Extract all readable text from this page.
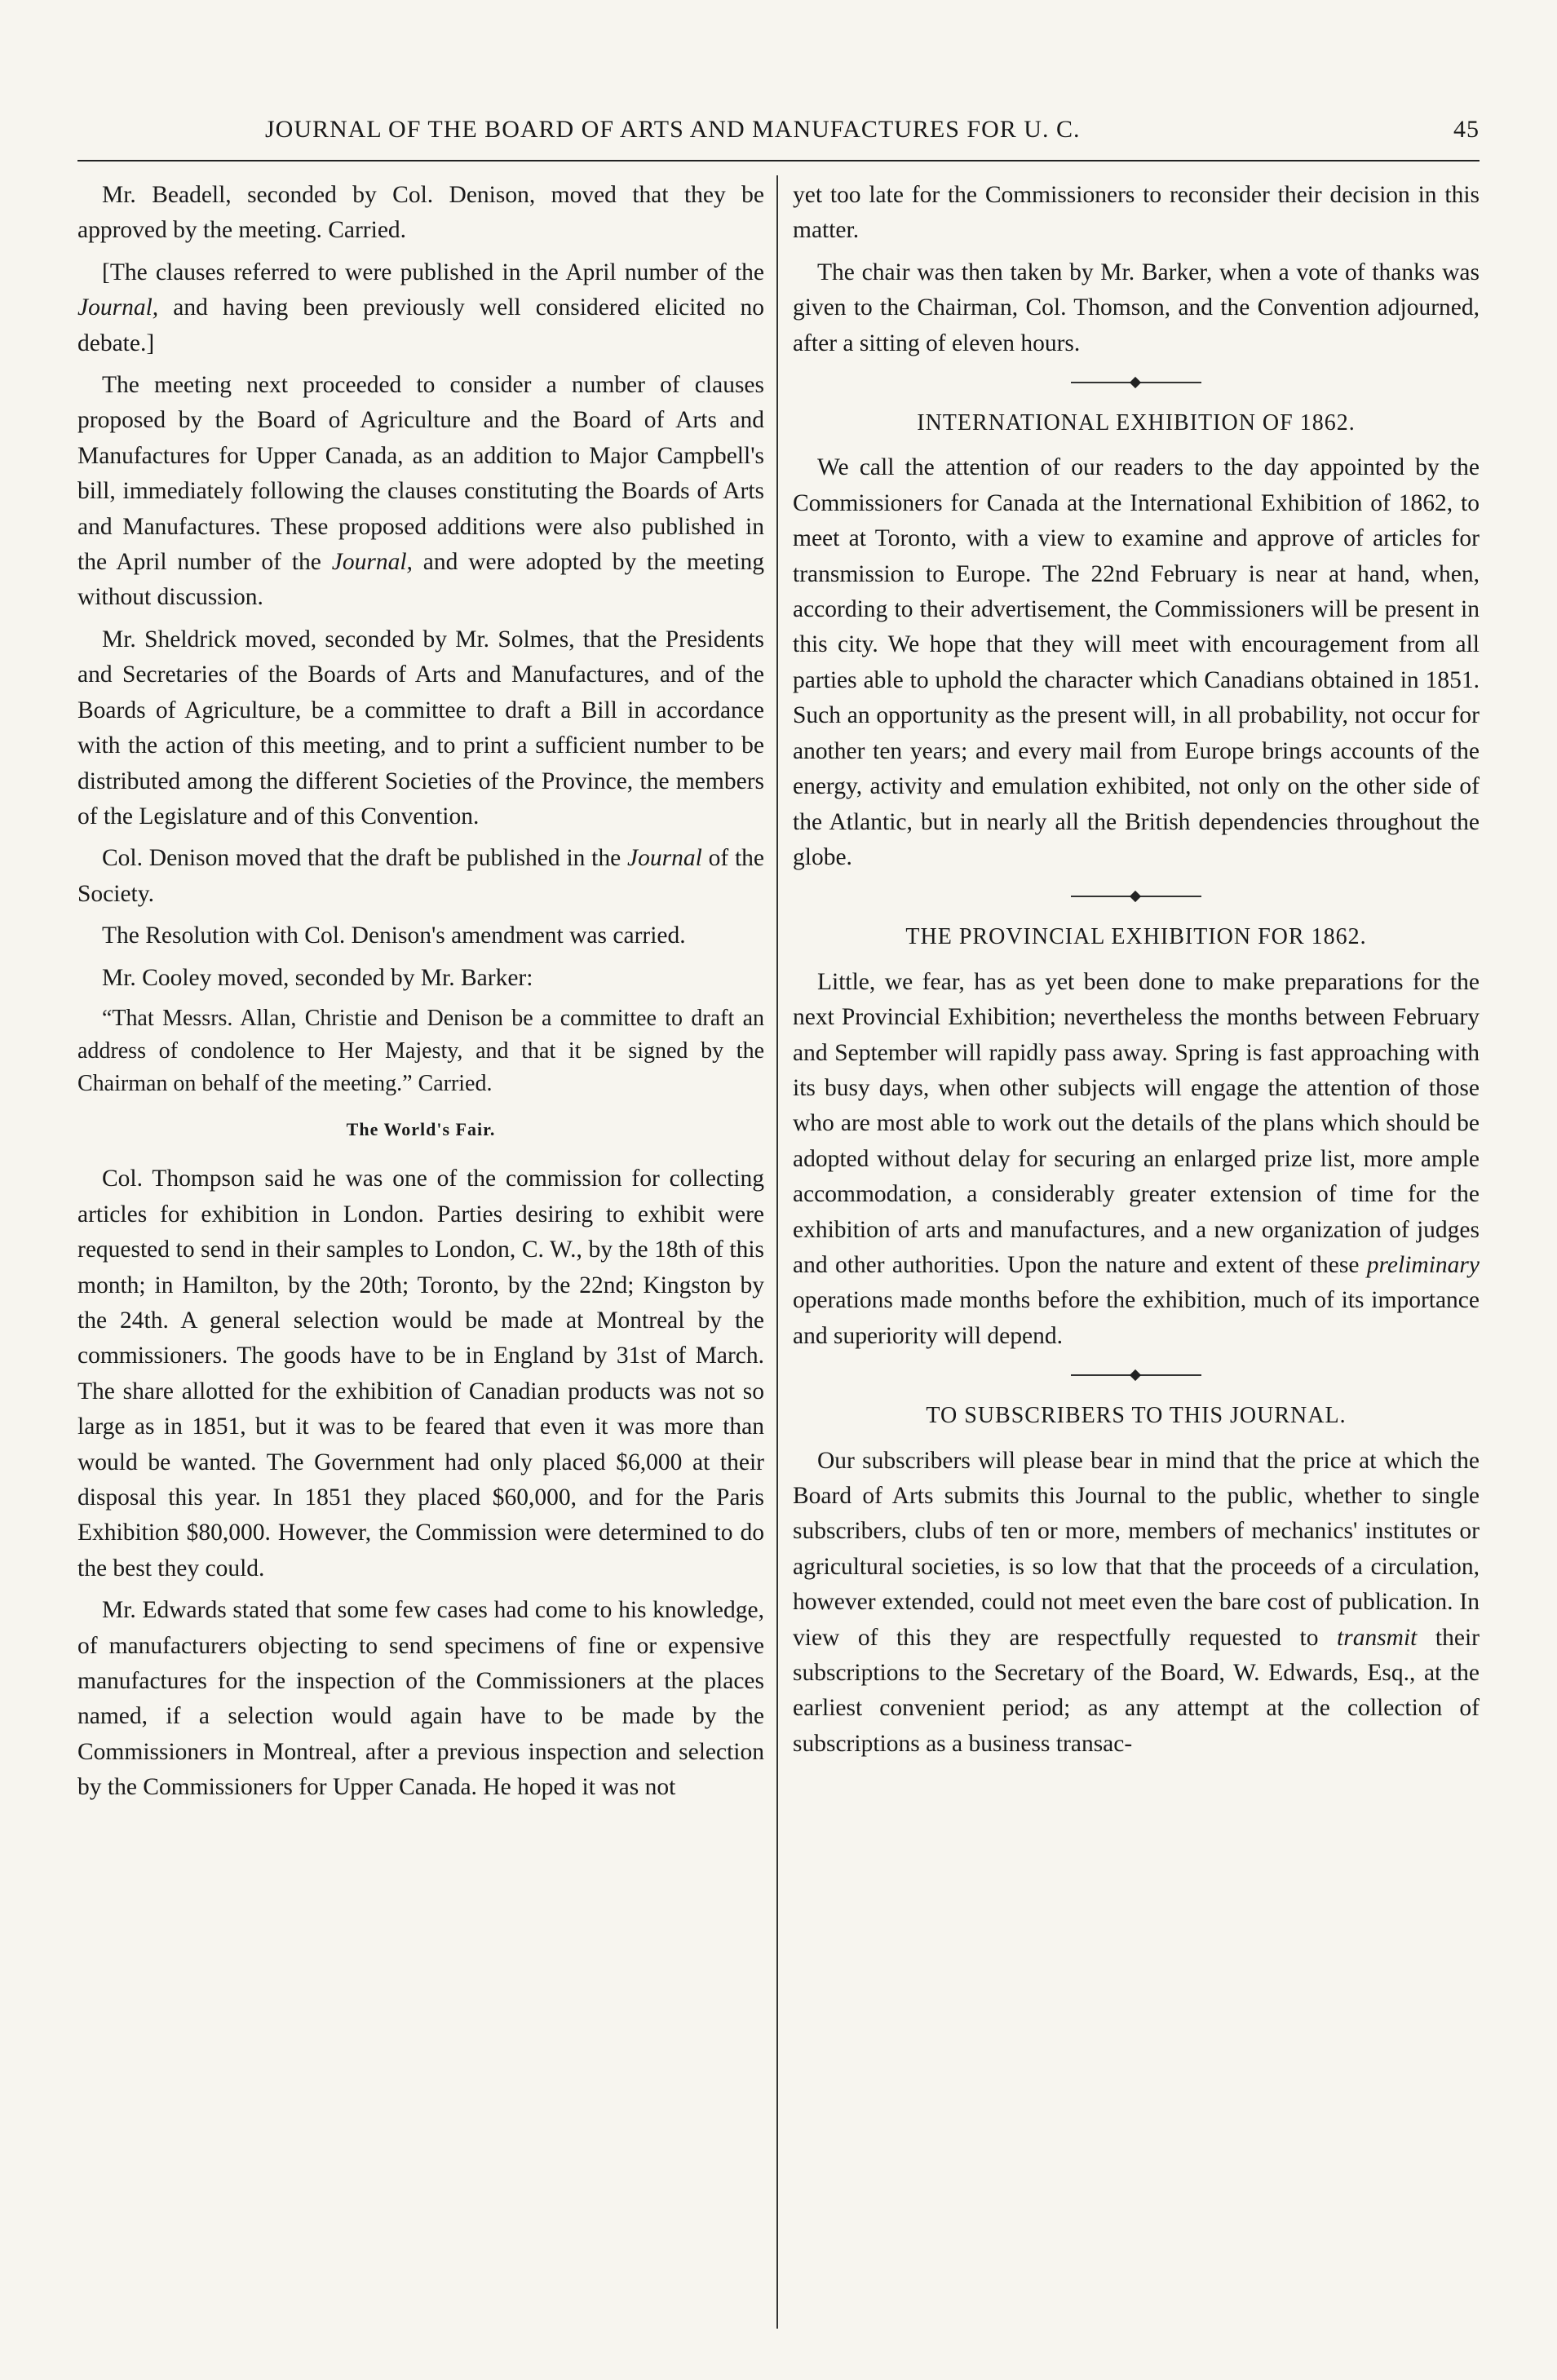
JOURNAL OF THE BOARD OF ARTS AND MANUFACTURES FOR U. C.	45

Mr. Beadell, seconded by Col. Denison, moved that they be approved by the meeting. Carried.

[The clauses referred to were published in the April number of the Journal, and having been previously well considered elicited no debate.]

The meeting next proceeded to consider a number of clauses proposed by the Board of Agriculture and the Board of Arts and Manufactures for Upper Canada, as an addition to Major Campbell's bill, immediately following the clauses constituting the Boards of Arts and Manufactures. These proposed additions were also published in the April number of the Journal, and were adopted by the meeting without discussion.

Mr. Sheldrick moved, seconded by Mr. Solmes, that the Presidents and Secretaries of the Boards of Arts and Manufactures, and of the Boards of Agriculture, be a committee to draft a Bill in accordance with the action of this meeting, and to print a sufficient number to be distributed among the different Societies of the Province, the members of the Legislature and of this Convention.

Col. Denison moved that the draft be published in the Journal of the Society.

The Resolution with Col. Denison's amendment was carried.

Mr. Cooley moved, seconded by Mr. Barker:

“That Messrs. Allan, Christie and Denison be a committee to draft an address of condolence to Her Majesty, and that it be signed by the Chairman on behalf of the meeting.” Carried.

The World's Fair.

Col. Thompson said he was one of the commission for collecting articles for exhibition in London. Parties desiring to exhibit were requested to send in their samples to London, C. W., by the 18th of this month; in Hamilton, by the 20th; Toronto, by the 22nd; Kingston by the 24th. A general selection would be made at Montreal by the commissioners. The goods have to be in England by 31st of March. The share allotted for the exhibition of Canadian products was not so large as in 1851, but it was to be feared that even it was more than would be wanted. The Government had only placed $6,000 at their disposal this year. In 1851 they placed $60,000, and for the Paris Exhibition $80,000. However, the Commission were determined to do the best they could.

Mr. Edwards stated that some few cases had come to his knowledge, of manufacturers objecting to send specimens of fine or expensive manufactures for the inspection of the Commissioners at the places named, if a selection would again have to be made by the Commissioners in Montreal, after a previous inspection and selection by the Commissioners for Upper Canada. He hoped it was not

yet too late for the Commissioners to reconsider their decision in this matter.

The chair was then taken by Mr. Barker, when a vote of thanks was given to the Chairman, Col. Thomson, and the Convention adjourned, after a sitting of eleven hours.

INTERNATIONAL EXHIBITION OF 1862.

We call the attention of our readers to the day appointed by the Commissioners for Canada at the International Exhibition of 1862, to meet at Toronto, with a view to examine and approve of articles for transmission to Europe. The 22nd February is near at hand, when, according to their advertisement, the Commissioners will be present in this city. We hope that they will meet with encouragement from all parties able to uphold the character which Canadians obtained in 1851. Such an opportunity as the present will, in all probability, not occur for another ten years; and every mail from Europe brings accounts of the energy, activity and emulation exhibited, not only on the other side of the Atlantic, but in nearly all the British dependencies throughout the globe.

THE PROVINCIAL EXHIBITION FOR 1862.

Little, we fear, has as yet been done to make preparations for the next Provincial Exhibition; nevertheless the months between February and September will rapidly pass away. Spring is fast approaching with its busy days, when other subjects will engage the attention of those who are most able to work out the details of the plans which should be adopted without delay for securing an enlarged prize list, more ample accommodation, a considerably greater extension of time for the exhibition of arts and manufactures, and a new organization of judges and other authorities. Upon the nature and extent of these preliminary operations made months before the exhibition, much of its importance and superiority will depend.

TO SUBSCRIBERS TO THIS JOURNAL.

Our subscribers will please bear in mind that the price at which the Board of Arts submits this Journal to the public, whether to single subscribers, clubs of ten or more, members of mechanics' institutes or agricultural societies, is so low that that the proceeds of a circulation, however extended, could not meet even the bare cost of publication. In view of this they are respectfully requested to transmit their subscriptions to the Secretary of the Board, W. Edwards, Esq., at the earliest convenient period; as any attempt at the collection of subscriptions as a business transac-
